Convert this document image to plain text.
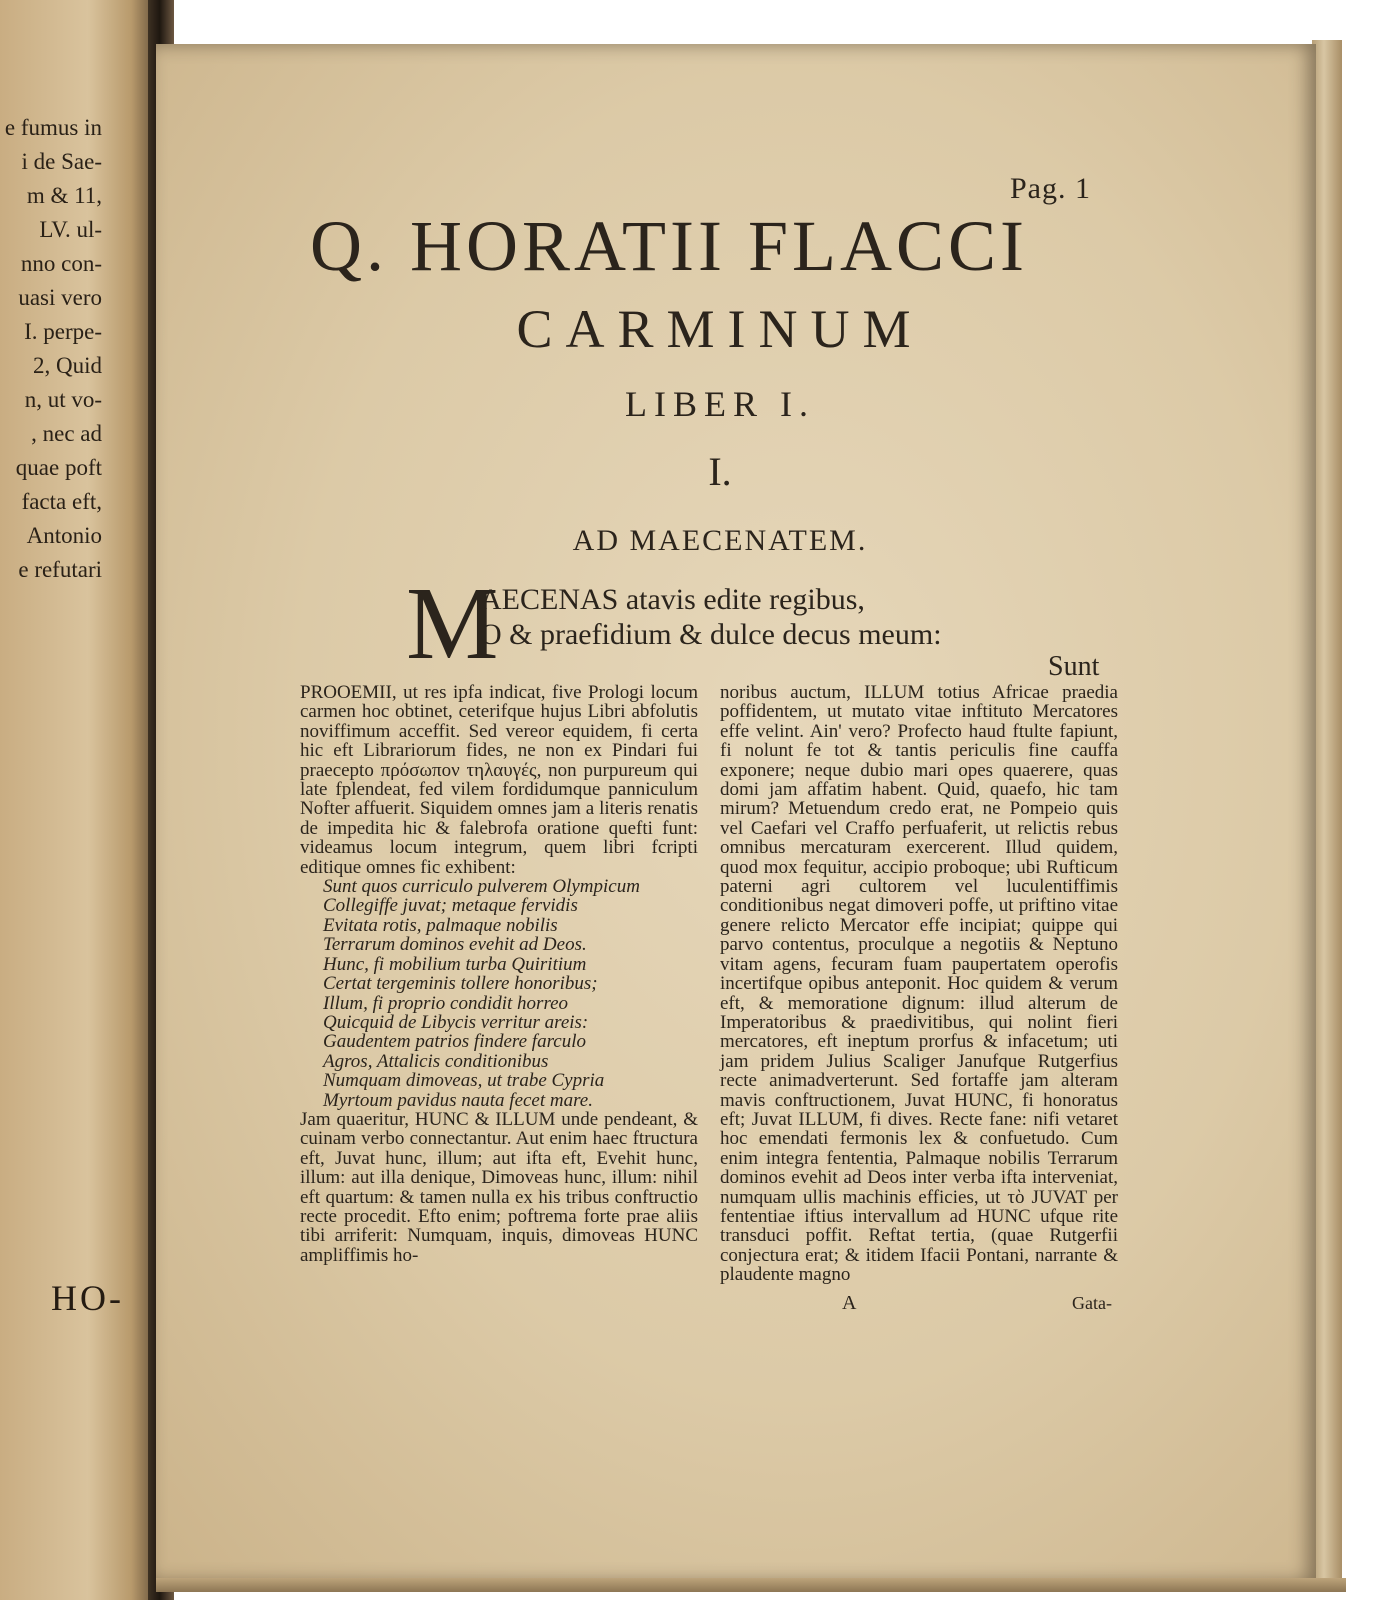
e fumus in
i de Sae-
m & 11,
LV. ul-
nno con-
uasi vero
I. perpe-
2, Quid
n, ut vo-
, nec ad
quae poft
facta eft,
Antonio
e refutari
HO-
Pag. 1
Q. HORATII FLACCI
CARMINUM
LIBER I.
I.
AD MAECENATEM.
M
AECENAS atavis edite regibus,
O & praefidium & dulce decus meum:
Sunt

PROOEMII, ut res ipfa indicat, five Prologi locum carmen hoc obtinet, ceterifque hujus Libri abfolutis noviffimum acceffit. Sed vereor equidem, fi certa hic eft Librariorum fides, ne non ex Pindari fui praecepto πρόσωπον τηλαυγές, non purpureum qui late fplendeat, fed vilem fordidumque panniculum Nofter affuerit. Siquidem omnes jam a literis renatis de impedita hic & falebrofa oratione quefti funt: videamus locum integrum, quem libri fcripti editique omnes fic exhibent:

Sunt quos curriculo pulverem Olympicum

Collegiffe juvat; metaque fervidis

Evitata rotis, palmaque nobilis

Terrarum dominos evehit ad Deos.

Hunc, fi mobilium turba Quiritium

Certat tergeminis tollere honoribus;

Illum, fi proprio condidit horreo

Quicquid de Libycis verritur areis:

Gaudentem patrios findere farculo

Agros, Attalicis conditionibus

Numquam dimoveas, ut trabe Cypria

Myrtoum pavidus nauta fecet mare.

Jam quaeritur, HUNC & ILLUM unde pendeant, & cuinam verbo connectantur. Aut enim haec ftructura eft, Juvat hunc, illum; aut ifta eft, Evehit hunc, illum: aut illa denique, Dimoveas hunc, illum: nihil eft quartum: & tamen nulla ex his tribus conftructio recte procedit. Efto enim; poftrema forte prae aliis tibi arriferit: Numquam, inquis, dimoveas HUNC ampliffimis ho-

noribus auctum, ILLUM totius Africae praedia poffidentem, ut mutato vitae inftituto Mercatores effe velint. Ain' vero? Profecto haud ftulte fapiunt, fi nolunt fe tot & tantis periculis fine cauffa exponere; neque dubio mari opes quaerere, quas domi jam affatim habent. Quid, quaefo, hic tam mirum? Metuendum credo erat, ne Pompeio quis vel Caefari vel Craffo perfuaferit, ut relictis rebus omnibus mercaturam exercerent. Illud quidem, quod mox fequitur, accipio proboque; ubi Rufticum paterni agri cultorem vel luculentiffimis conditionibus negat dimoveri poffe, ut priftino vitae genere relicto Mercator effe incipiat; quippe qui parvo contentus, proculque a negotiis & Neptuno vitam agens, fecuram fuam paupertatem operofis incertifque opibus anteponit. Hoc quidem & verum eft, & memoratione dignum: illud alterum de Imperatoribus & praedivitibus, qui nolint fieri mercatores, eft ineptum prorfus & infacetum; uti jam pridem Julius Scaliger Janufque Rutgerfius recte animadverterunt. Sed fortaffe jam alteram mavis conftructionem, Juvat HUNC, fi honoratus eft; Juvat ILLUM, fi dives. Recte fane: nifi vetaret hoc emendati fermonis lex & confuetudo. Cum enim integra fententia, Palmaque nobilis Terrarum dominos evehit ad Deos inter verba ifta interveniat, numquam ullis machinis efficies, ut τὸ JUVAT per fententiae iftius intervallum ad HUNC ufque rite transduci poffit. Reftat tertia, (quae Rutgerfii conjectura erat; & itidem Ifacii Pontani, narrante & plaudente magno

A	Gata-
